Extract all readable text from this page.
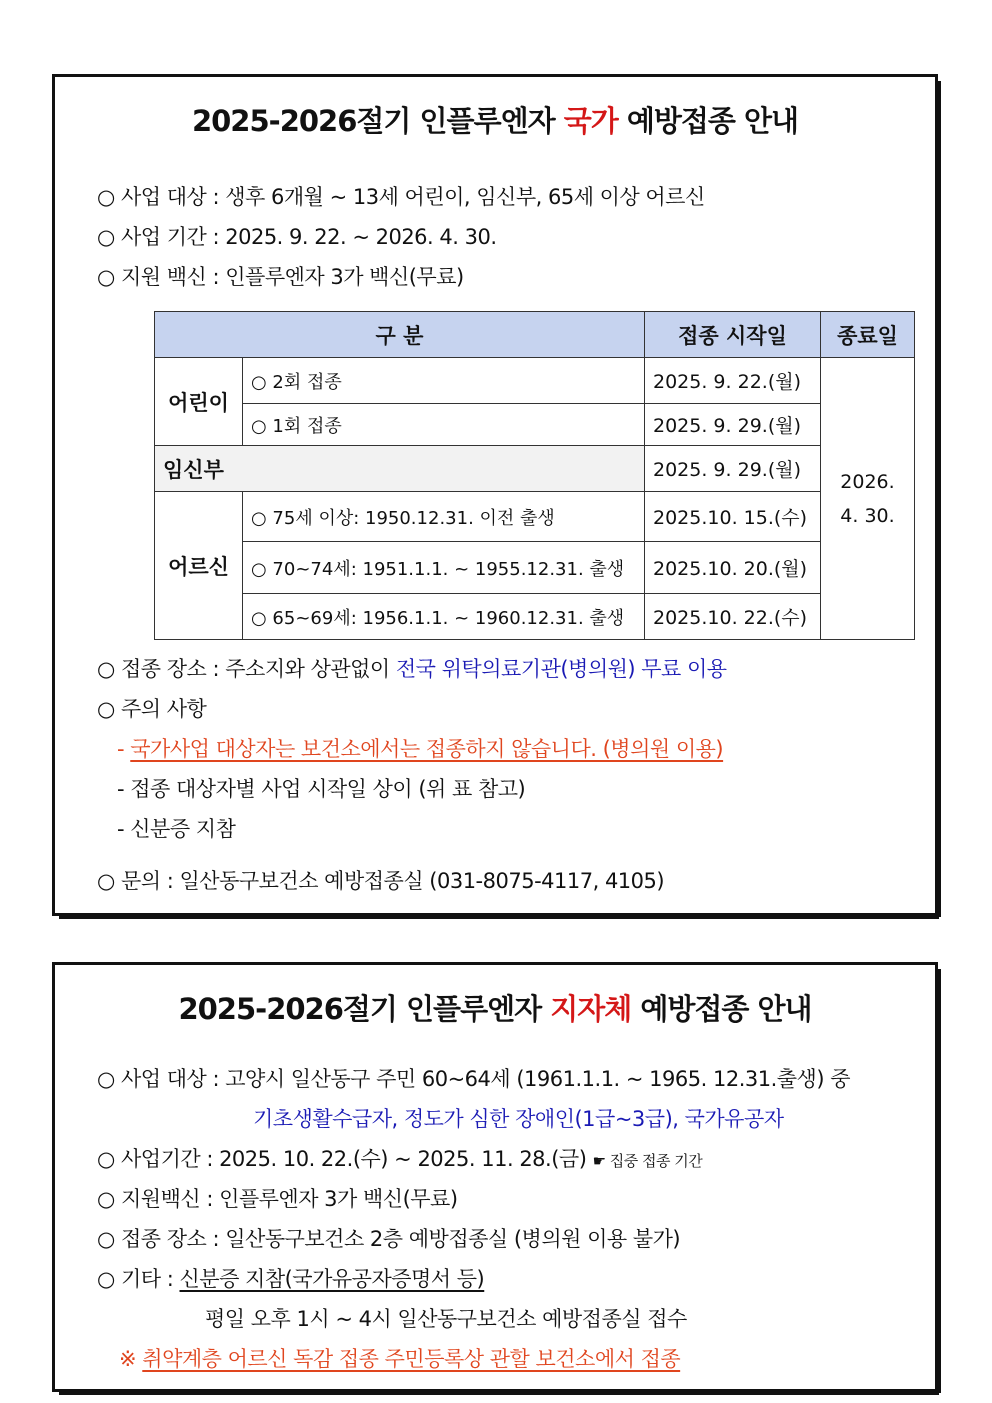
2025-2026절기 인플루엔자 국가 예방접종 안내
○ 사업 대상 : 생후 6개월 ~ 13세 어린이, 임신부, 65세 이상 어르신
○ 사업 기간 : 2025. 9. 22. ~ 2026. 4. 30.
○ 지원 백신 : 인플루엔자 3가 백신(무료)
구 분		접종 시작일	종료일
어린이	○ 2회 접종	2025. 9. 22.(월)	2026.
4. 30.
	○ 1회 접종	2025. 9. 29.(월)	
임신부		2025. 9. 29.(월)	
어르신	○ 75세 이상: 1950.12.31. 이전 출생	2025.10. 15.(수)	
	○ 70~74세: 1951.1.1. ~ 1955.12.31. 출생	2025.10. 20.(월)	
	○ 65~69세: 1956.1.1. ~ 1960.12.31. 출생	2025.10. 22.(수)	
○ 접종 장소 : 주소지와 상관없이 전국 위탁의료기관(병의원) 무료 이용
○ 주의 사항
- 국가사업 대상자는 보건소에서는 접종하지 않습니다. (병의원 이용)
- 접종 대상자별 사업 시작일 상이 (위 표 참고)
- 신분증 지참
○ 문의 : 일산동구보건소 예방접종실 (031-8075-4117, 4105)
2025-2026절기 인플루엔자 지자체 예방접종 안내
○ 사업 대상 : 고양시 일산동구 주민 60~64세 (1961.1.1. ~ 1965. 12.31.출생) 중
기초생활수급자, 정도가 심한 장애인(1급~3급), 국가유공자
○ 사업기간 : 2025. 10. 22.(수) ~ 2025. 11. 28.(금) ☛ 집중 접종 기간
○ 지원백신 : 인플루엔자 3가 백신(무료)
○ 접종 장소 : 일산동구보건소 2층 예방접종실 (병의원 이용 불가)
○ 기타 : 신분증 지참(국가유공자증명서 등)
평일 오후 1시 ~ 4시 일산동구보건소 예방접종실 접수
※ 취약계층 어르신 독감 접종 주민등록상 관할 보건소에서 접종
